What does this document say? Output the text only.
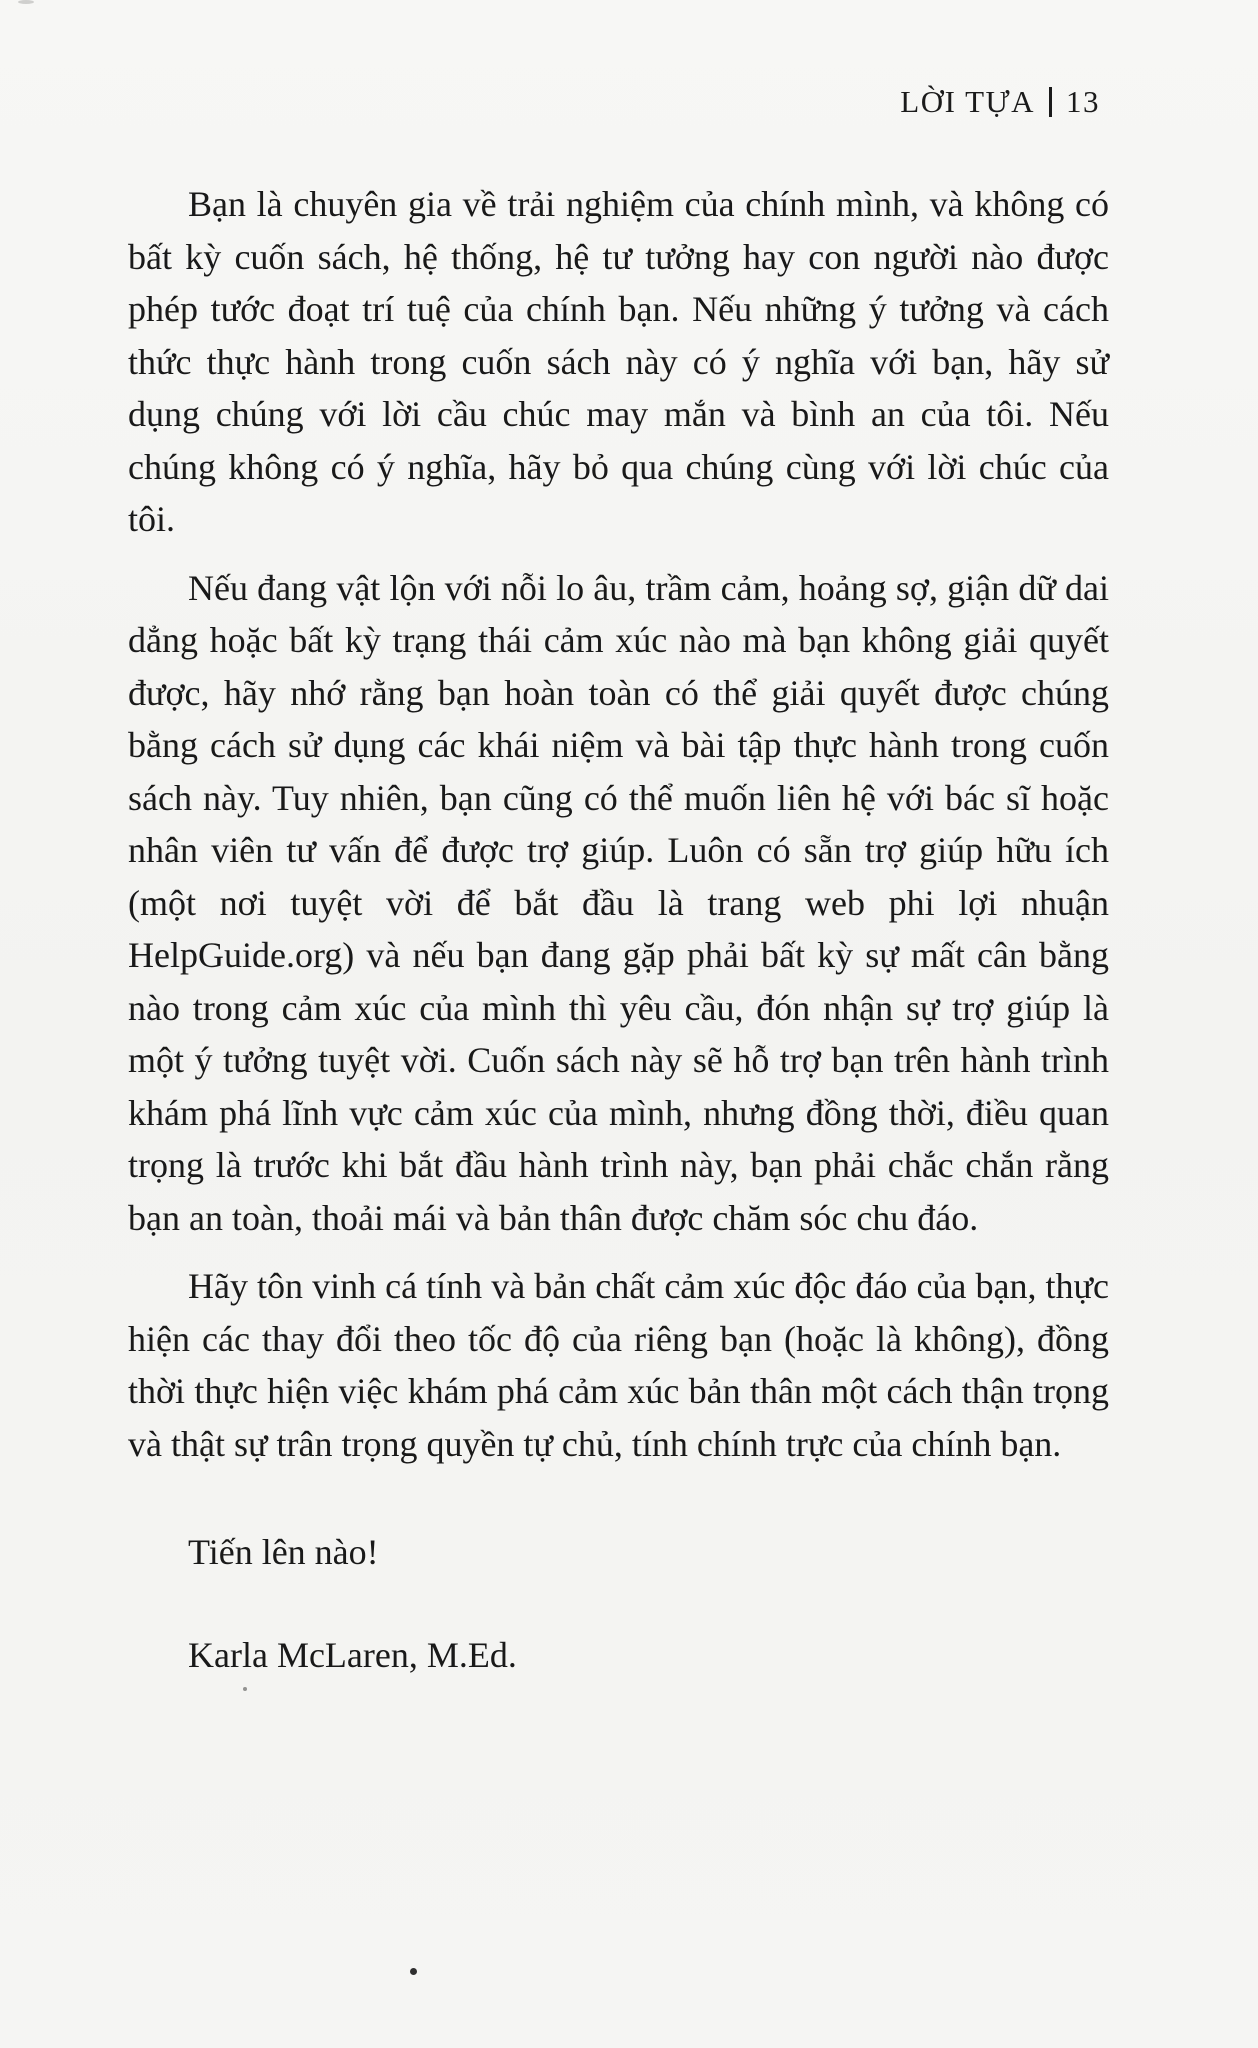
LỜI TỰA 13

Bạn là chuyên gia về trải nghiệm của chính mình, và không có bất kỳ cuốn sách, hệ thống, hệ tư tưởng hay con người nào được phép tước đoạt trí tuệ của chính bạn. Nếu những ý tưởng và cách thức thực hành trong cuốn sách này có ý nghĩa với bạn, hãy sử dụng chúng với lời cầu chúc may mắn và bình an của tôi. Nếu chúng không có ý nghĩa, hãy bỏ qua chúng cùng với lời chúc của tôi.

Nếu đang vật lộn với nỗi lo âu, trầm cảm, hoảng sợ, giận dữ dai dẳng hoặc bất kỳ trạng thái cảm xúc nào mà bạn không giải quyết được, hãy nhớ rằng bạn hoàn toàn có thể giải quyết được chúng bằng cách sử dụng các khái niệm và bài tập thực hành trong cuốn sách này. Tuy nhiên, bạn cũng có thể muốn liên hệ với bác sĩ hoặc nhân viên tư vấn để được trợ giúp. Luôn có sẵn trợ giúp hữu ích (một nơi tuyệt vời để bắt đầu là trang web phi lợi nhuận HelpGuide.org) và nếu bạn đang gặp phải bất kỳ sự mất cân bằng nào trong cảm xúc của mình thì yêu cầu, đón nhận sự trợ giúp là một ý tưởng tuyệt vời. Cuốn sách này sẽ hỗ trợ bạn trên hành trình khám phá lĩnh vực cảm xúc của mình, nhưng đồng thời, điều quan trọng là trước khi bắt đầu hành trình này, bạn phải chắc chắn rằng bạn an toàn, thoải mái và bản thân được chăm sóc chu đáo.

Hãy tôn vinh cá tính và bản chất cảm xúc độc đáo của bạn, thực hiện các thay đổi theo tốc độ của riêng bạn (hoặc là không), đồng thời thực hiện việc khám phá cảm xúc bản thân một cách thận trọng và thật sự trân trọng quyền tự chủ, tính chính trực của chính bạn.

Tiến lên nào!

Karla McLaren, M.Ed.
